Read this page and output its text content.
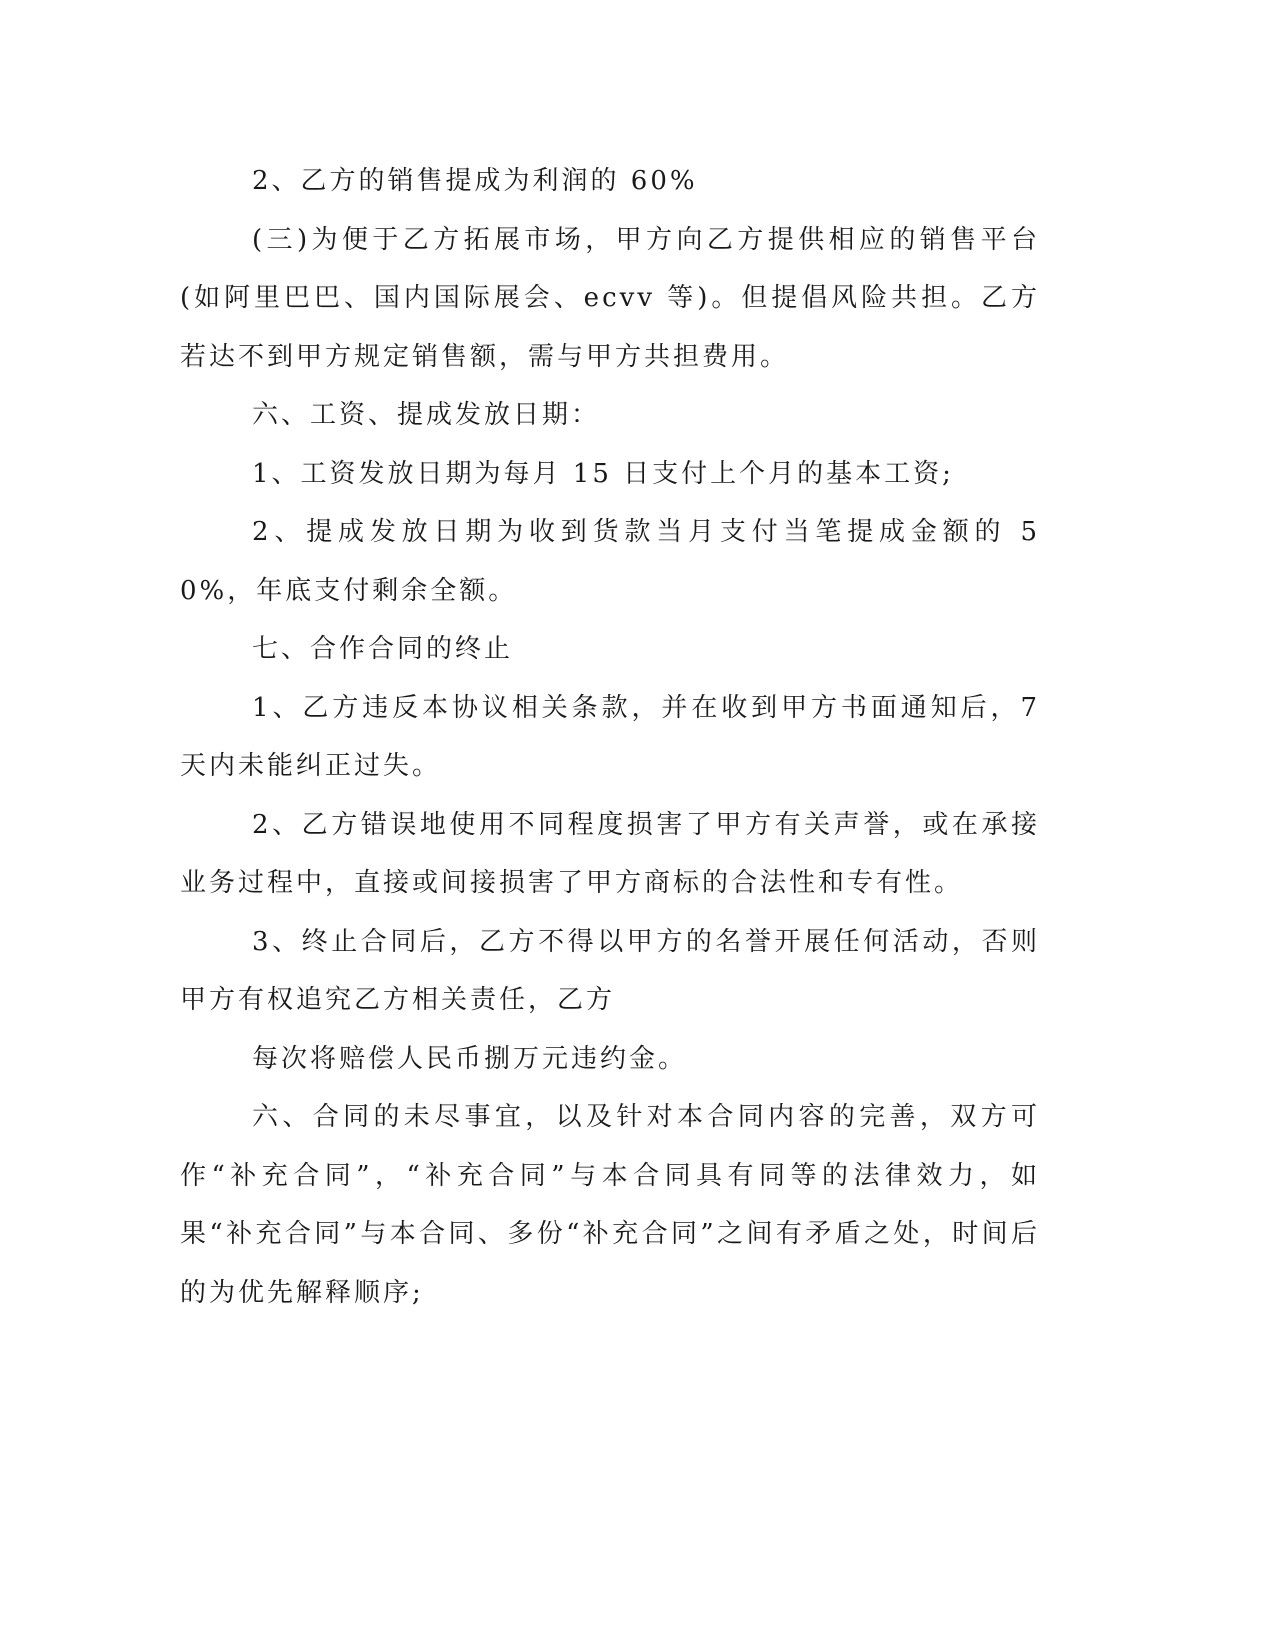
2、乙方的销售提成为利润的 60%

(三)为便于乙方拓展市场，甲方向乙方提供相应的销售平台(如阿里巴巴、国内国际展会、ecvv 等)。但提倡风险共担。乙方若达不到甲方规定销售额，需与甲方共担费用。

六、工资、提成发放日期：

1、工资发放日期为每月 15 日支付上个月的基本工资;

2、提成发放日期为收到货款当月支付当笔提成金额的 50%，年底支付剩余全额。

七、合作合同的终止

1、乙方违反本协议相关条款，并在收到甲方书面通知后，7 天内未能纠正过失。

2、乙方错误地使用不同程度损害了甲方有关声誉，或在承接业务过程中，直接或间接损害了甲方商标的合法性和专有性。

3、终止合同后，乙方不得以甲方的名誉开展任何活动，否则甲方有权追究乙方相关责任，乙方

每次将赔偿人民币捌万元违约金。

六、合同的未尽事宜，以及针对本合同内容的完善，双方可作“补充合同”，“补充合同”与本合同具有同等的法律效力，如果“补充合同”与本合同、多份“补充合同”之间有矛盾之处，时间后的为优先解释顺序;
